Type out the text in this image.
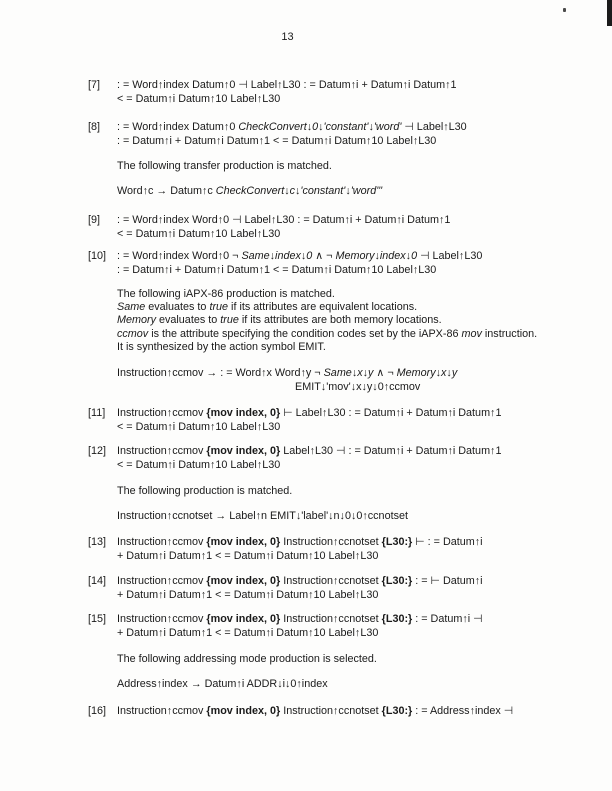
13
[7]	: = Word↑index Datum↑0 ⊣ Label↑L30 : = Datum↑i + Datum↑i Datum↑1
< = Datum↑i Datum↑10 Label↑L30
[8]	: = Word↑index Datum↑0 CheckConvert↓0↓'constant'↓'word' ⊣ Label↑L30
: = Datum↑i + Datum↑i Datum↑1 < = Datum↑i Datum↑10 Label↑L30
The following transfer production is matched.
Word↑c → Datum↑c CheckConvert↓c↓'constant'↓'word'"
[9]	: = Word↑index Word↑0 ⊣ Label↑L30 : = Datum↑i + Datum↑i Datum↑1
< = Datum↑i Datum↑10 Label↑L30
[10]	: = Word↑index Word↑0 ¬ Same↓index↓0 ∧ ¬ Memory↓index↓0 ⊣ Label↑L30
: = Datum↑i + Datum↑i Datum↑1 < = Datum↑i Datum↑10 Label↑L30
The following iAPX-86 production is matched.
Same evaluates to true if its attributes are equivalent locations.
Memory evaluates to true if its attributes are both memory locations.
ccmov is the attribute specifying the condition codes set by the iAPX-86 mov instruction.
It is synthesized by the action symbol EMIT.
Instruction↑ccmov → : = Word↑x Word↑y ¬ Same↓x↓y ∧ ¬ Memory↓x↓y
EMIT↓'mov'↓x↓y↓0↑ccmov
[11]	Instruction↑ccmov {mov index, 0} ⊢ Label↑L30 : = Datum↑i + Datum↑i Datum↑1
< = Datum↑i Datum↑10 Label↑L30
[12]	Instruction↑ccmov {mov index, 0} Label↑L30 ⊣ : = Datum↑i + Datum↑i Datum↑1
< = Datum↑i Datum↑10 Label↑L30
The following production is matched.
Instruction↑ccnotset → Label↑n EMIT↓'label'↓n↓0↓0↑ccnotset
[13]	Instruction↑ccmov {mov index, 0} Instruction↑ccnotset {L30:} ⊢ : = Datum↑i
+ Datum↑i Datum↑1 < = Datum↑i Datum↑10 Label↑L30
[14]	Instruction↑ccmov {mov index, 0} Instruction↑ccnotset {L30:} : = ⊢ Datum↑i
+ Datum↑i Datum↑1 < = Datum↑i Datum↑10 Label↑L30
[15]	Instruction↑ccmov {mov index, 0} Instruction↑ccnotset {L30:} : = Datum↑i ⊣
+ Datum↑i Datum↑1 < = Datum↑i Datum↑10 Label↑L30
The following addressing mode production is selected.
Address↑index → Datum↑i ADDR↓i↓0↑index
[16]	Instruction↑ccmov {mov index, 0} Instruction↑ccnotset {L30:} : = Address↑index ⊣
